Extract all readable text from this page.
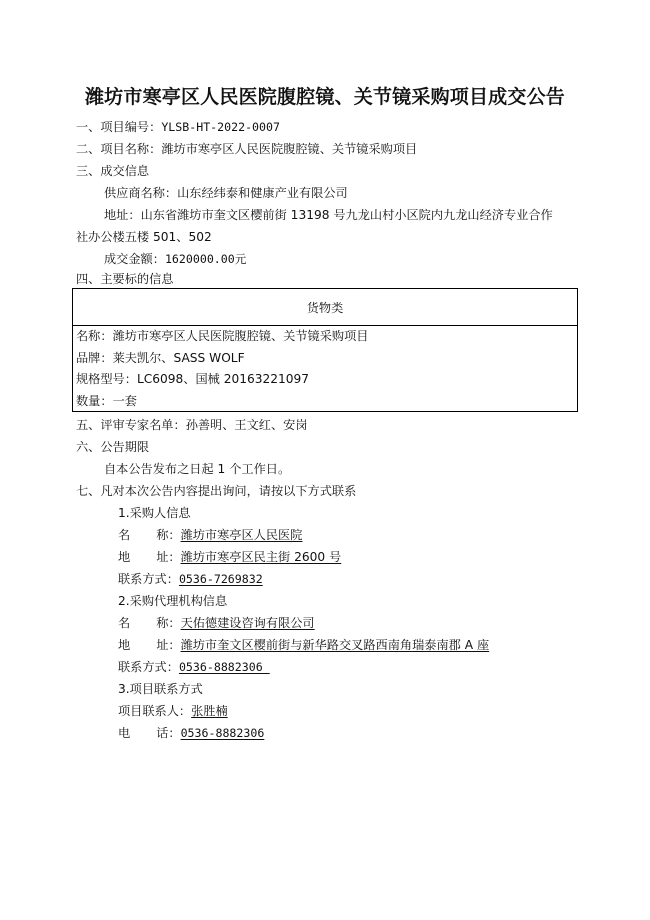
潍坊市寒亭区人民医院腹腔镜、关节镜采购项目成交公告
一、项目编号：YLSB-HT-2022-0007
二、项目名称：潍坊市寒亭区人民医院腹腔镜、关节镜采购项目
三、成交信息
供应商名称：山东经纬泰和健康产业有限公司
地址：山东省潍坊市奎文区樱前街 13198 号九龙山村小区院内九龙山经济专业合作
社办公楼五楼 501、502
成交金额：1620000.00元
四、主要标的信息
货物类
名称：潍坊市寒亭区人民医院腹腔镜、关节镜采购项目
品牌：莱夫凯尔、SASS WOLF
规格型号：LC6098、国械 20163221097
数量：一套
五、评审专家名单：孙善明、王文红、安岗
六、公告期限
自本公告发布之日起 1 个工作日。
七、凡对本次公告内容提出询问，请按以下方式联系
1.采购人信息
名 称：潍坊市寒亭区人民医院
地 址：潍坊市寒亭区民主街 2600 号
联系方式：0536-7269832
2.采购代理机构信息
名 称：天佑德建设咨询有限公司
地 址：潍坊市奎文区樱前街与新华路交叉路西南角瑞泰南郡 A 座
联系方式：0536-8882306
3.项目联系方式
项目联系人：张胜楠
电 话：0536-8882306
